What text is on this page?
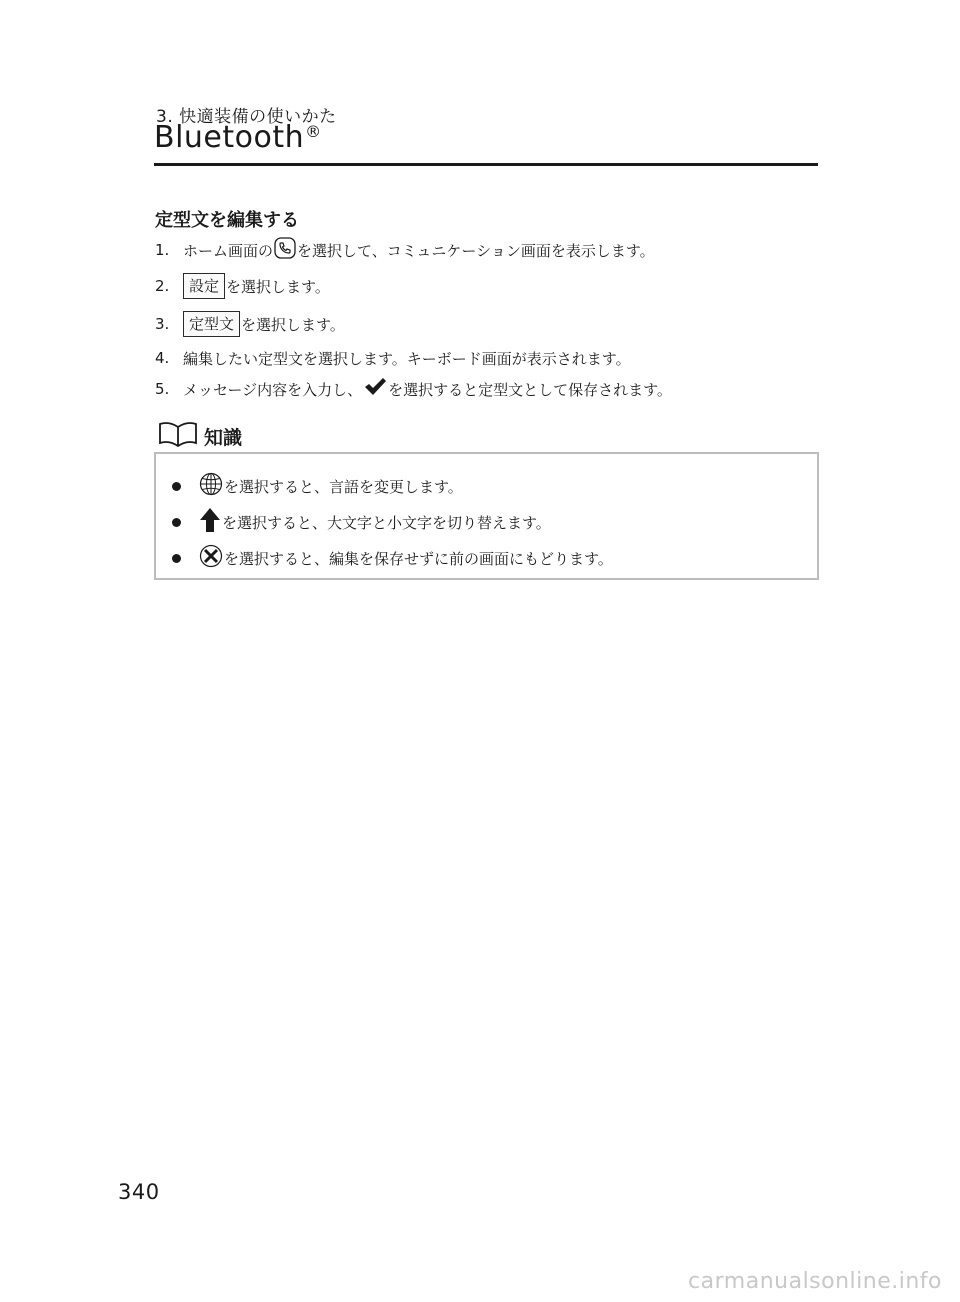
3. 快適装備の使いかた
Bluetooth®
定型文を編集する
1. ホーム画面の を選択して、コミュニケーション画面を表示します。
2.	設定 を選択します。
3.	定型文 を選択します。
4. 編集したい定型文を選択します。キーボード画面が表示されます。
5. メッセージ内容を入力し、 を選択すると定型文として保存されます。
知識
を選択すると、言語を変更します。
を選択すると、大文字と小文字を切り替えます。
を選択すると、編集を保存せずに前の画面にもどります。
340
carmanualsonline.info
